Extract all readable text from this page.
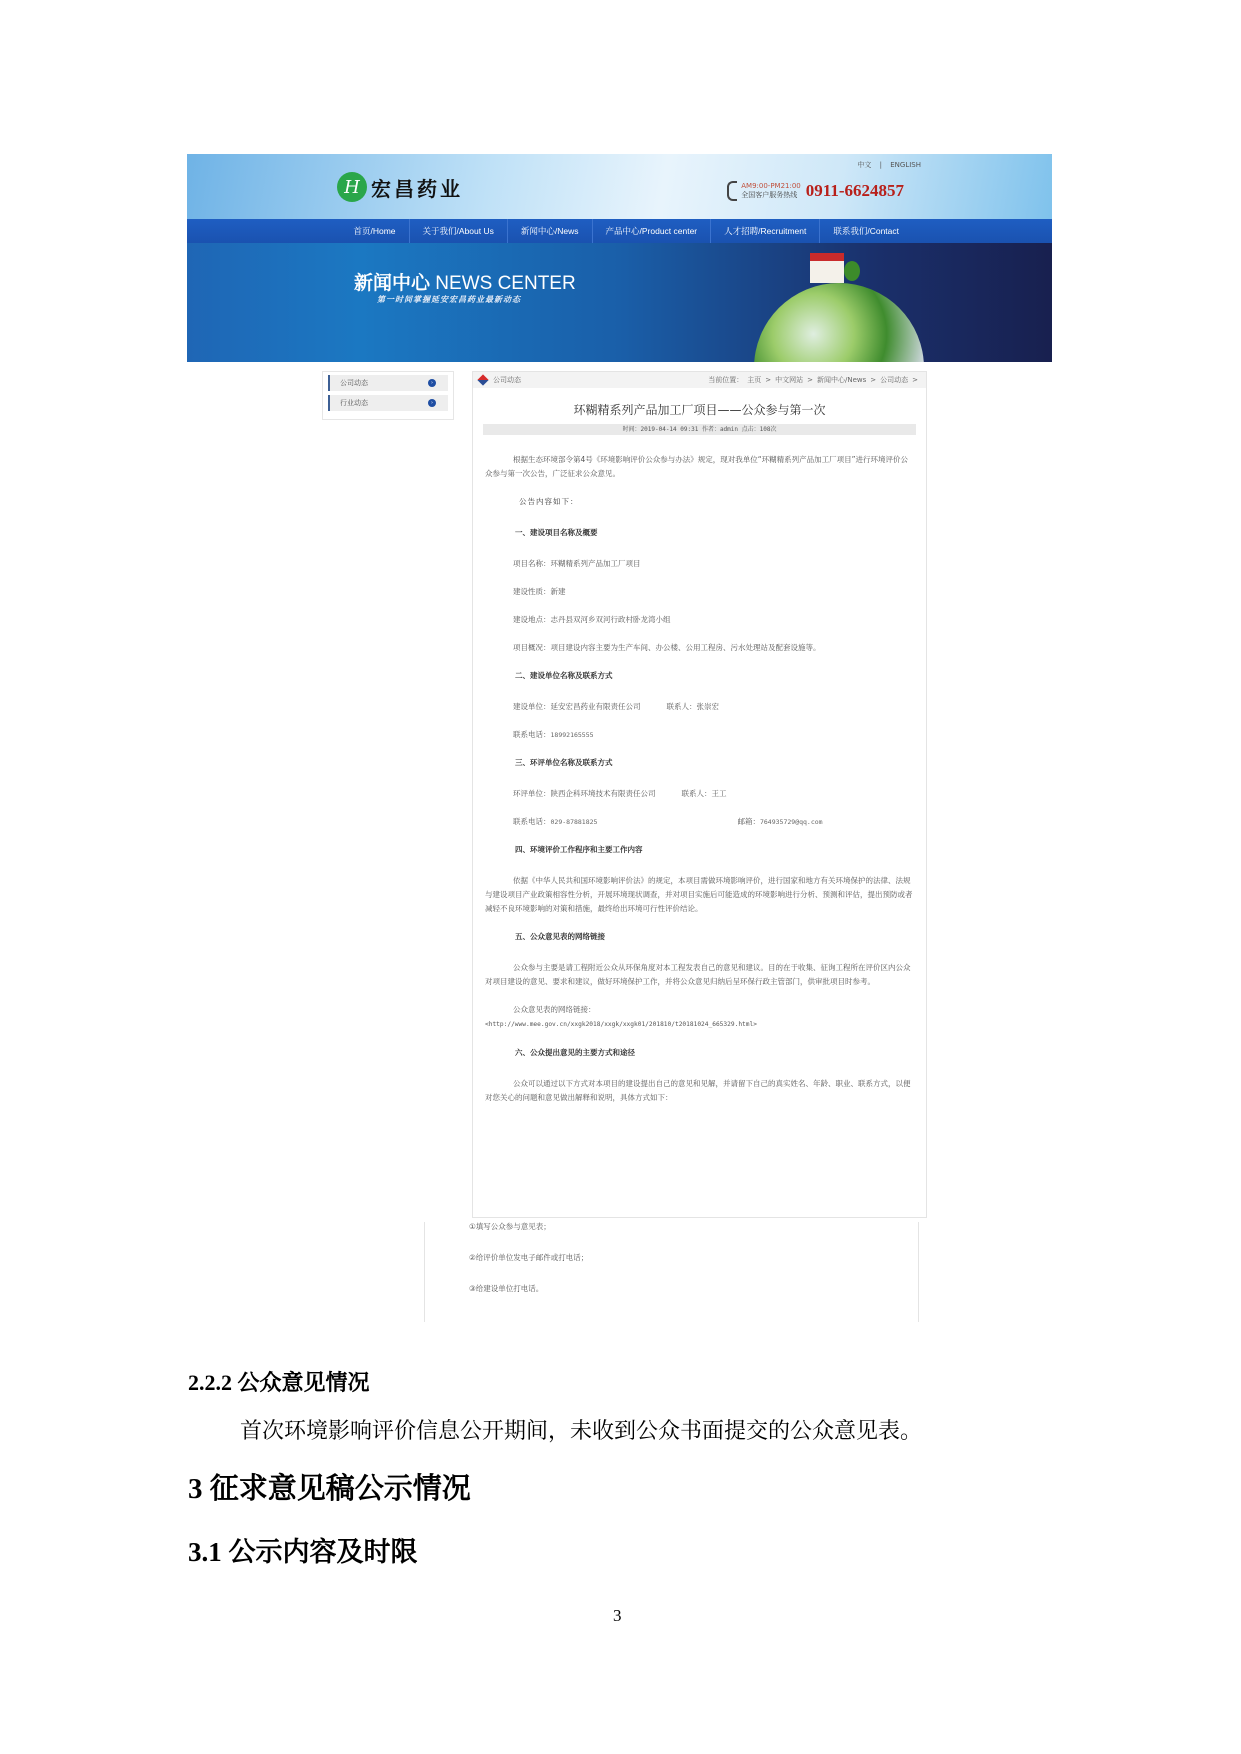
H 宏昌药业
中文 | ENGLISH
AM9:00-PM21:00
全国客户服务热线 0911-6624857
首页/Home	关于我们/About Us	新闻中心/News	产品中心/Product center	人才招聘/Recruitment	联系我们/Contact
新闻中心 NEWS CENTER
第一时间掌握延安宏昌药业最新动态
公司动态	›
行业动态	›
公司动态	当前位置： 主页 > 中文网站 > 新闻中心/News > 公司动态 >
环糊精系列产品加工厂项目——公众参与第一次
时间：2019-04-14 09:31 作者：admin 点击：108次

根据生态环境部令第4号《环境影响评价公众参与办法》规定，现对我单位“环糊精系列产品加工厂项目”进行环境评价公众参与第一次公告，广泛征求公众意见。

公告内容如下：

一、建设项目名称及概要

项目名称：环糊精系列产品加工厂项目

建设性质：新建

建设地点：志丹县双河乡双河行政村卧龙湾小组

项目概况：项目建设内容主要为生产车间、办公楼、公用工程房、污水处理站及配套设施等。

二、建设单位名称及联系方式

建设单位：延安宏昌药业有限责任公司	联系人：张崇宏

联系电话：18992165555

三、环评单位名称及联系方式

环评单位：陕西企科环境技术有限责任公司	联系人：王工
联系电话：029-87881825	邮箱：764935729@qq.com

四、环境评价工作程序和主要工作内容

依据《中华人民共和国环境影响评价法》的规定，本项目需做环境影响评价，进行国家和地方有关环境保护的法律、法规与建设项目产业政策相容性分析，开展环境现状调查，并对项目实施后可能造成的环境影响进行分析、预测和评估，提出预防或者减轻不良环境影响的对策和措施，最终给出环境可行性评价结论。

五、公众意见表的网络链接

公众参与主要是请工程附近公众从环保角度对本工程发表自己的意见和建议。目的在于收集、征询工程所在评价区内公众对项目建设的意见、要求和建议，做好环境保护工作，并将公众意见归纳后呈环保行政主管部门，供审批项目时参考。

公众意见表的网络链接：
<http://www.mee.gov.cn/xxgk2018/xxgk/xxgk01/201810/t20181024_665329.html>

六、公众提出意见的主要方式和途径

公众可以通过以下方式对本项目的建设提出自己的意见和见解，并请留下自己的真实姓名、年龄、职业、联系方式，以便对您关心的问题和意见做出解释和说明，具体方式如下：

①填写公众参与意见表；
②给评价单位发电子邮件或打电话；
③给建设单位打电话。
2.2.2 公众意见情况
首次环境影响评价信息公开期间，未收到公众书面提交的公众意见表。
3 征求意见稿公示情况
3.1 公示内容及时限
3
